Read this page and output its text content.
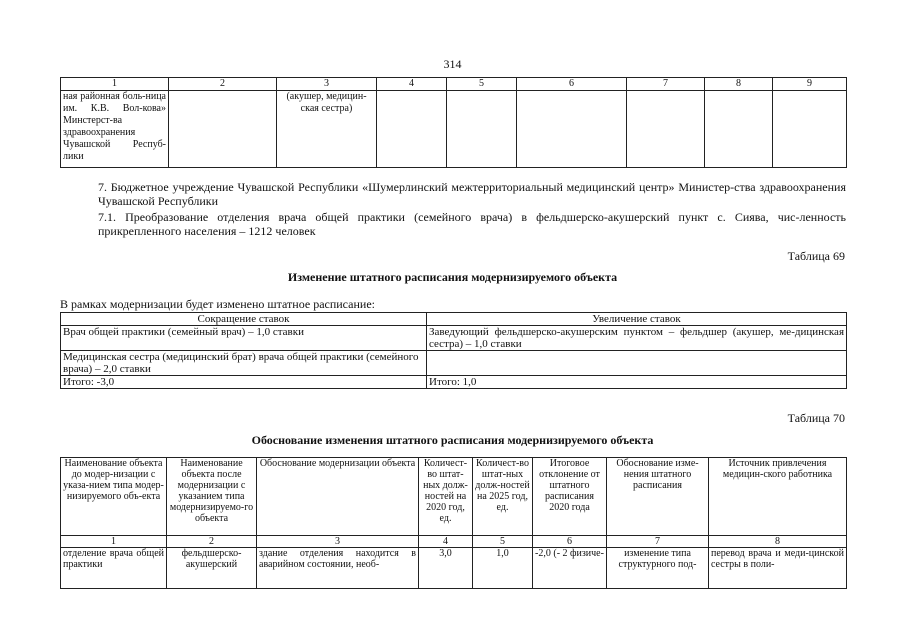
314
1	2	3	4	5	6	7	8	9
ная районная боль-ница им. К.В. Вол-кова» Минстерст-ва здравоохранения Чувашской Респуб-лики		(акушер, медицин-ская сестра)						
7. Бюджетное учреждение Чувашской Республики «Шумерлинский межтерриториальный медицинский центр» Министер-ства здравоохранения Чувашской Республики
7.1. Преобразование отделения врача общей практики (семейного врача) в фельдшерско-акушерский пункт с. Сиява, чис-ленность прикрепленного населения – 1212 человек
Таблица 69
Изменение штатного расписания модернизируемого объекта
В рамках модернизации будет изменено штатное расписание:
Сокращение ставок	Увеличение ставок
Врач общей практики (семейный врач) – 1,0 ставки	Заведующий фельдшерско-акушерским пунктом – фельдшер (акушер, ме-дицинская сестра) – 1,0 ставки
Медицинская сестра (медицинский брат) врача общей практики (семейного врача) – 2,0 ставки	
Итого: -3,0	Итого: 1,0
Таблица 70
Обоснование изменения штатного расписания модернизируемого объекта
Наименование объекта до модер-низации с указа-нием типа модер-низируемого объ-екта	Наименование объекта после модернизации с указанием типа модернизируемо-го объекта	Обоснование модернизации объекта	Количест-во штат-ных долж-ностей на 2020 год, ед.	Количест-во штат-ных долж-ностей на 2025 год, ед.	Итоговое отклонение от штатного расписания 2020 года	Обоснование изме-нения штатного расписания	Источник привлечения медицин-ского работника
1	2	3	4	5	6	7	8
отделение врача общей практики	фельдшерско-акушерский	здание отделения находится в аварийном состоянии, необ-	3,0	1,0	-2,0 (- 2 физиче-	изменение типа структурного под-	перевод врача и меди-цинской сестры в поли-
